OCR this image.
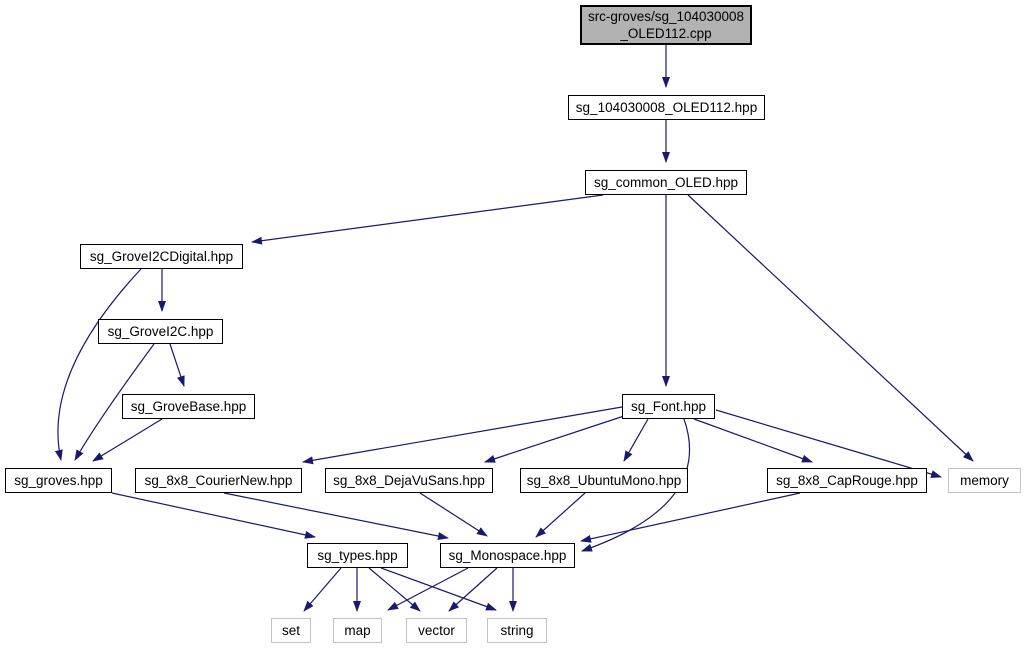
src-groves/sg_104030008
_OLED112.cpp
sg_104030008_OLED112.hpp
sg_common_OLED.hpp
sg_GroveI2CDigital.hpp
sg_GroveI2C.hpp
sg_GroveBase.hpp	sg_Font.hpp
sg_groves.hpp	sg_8x8_CourierNew.hpp	sg_8x8_DejaVuSans.hpp	sg_8x8_UbuntuMono.hpp	sg_8x8_CapRouge.hpp	memory
sg_types.hpp	sg_Monospace.hpp
set	map	vector	string
